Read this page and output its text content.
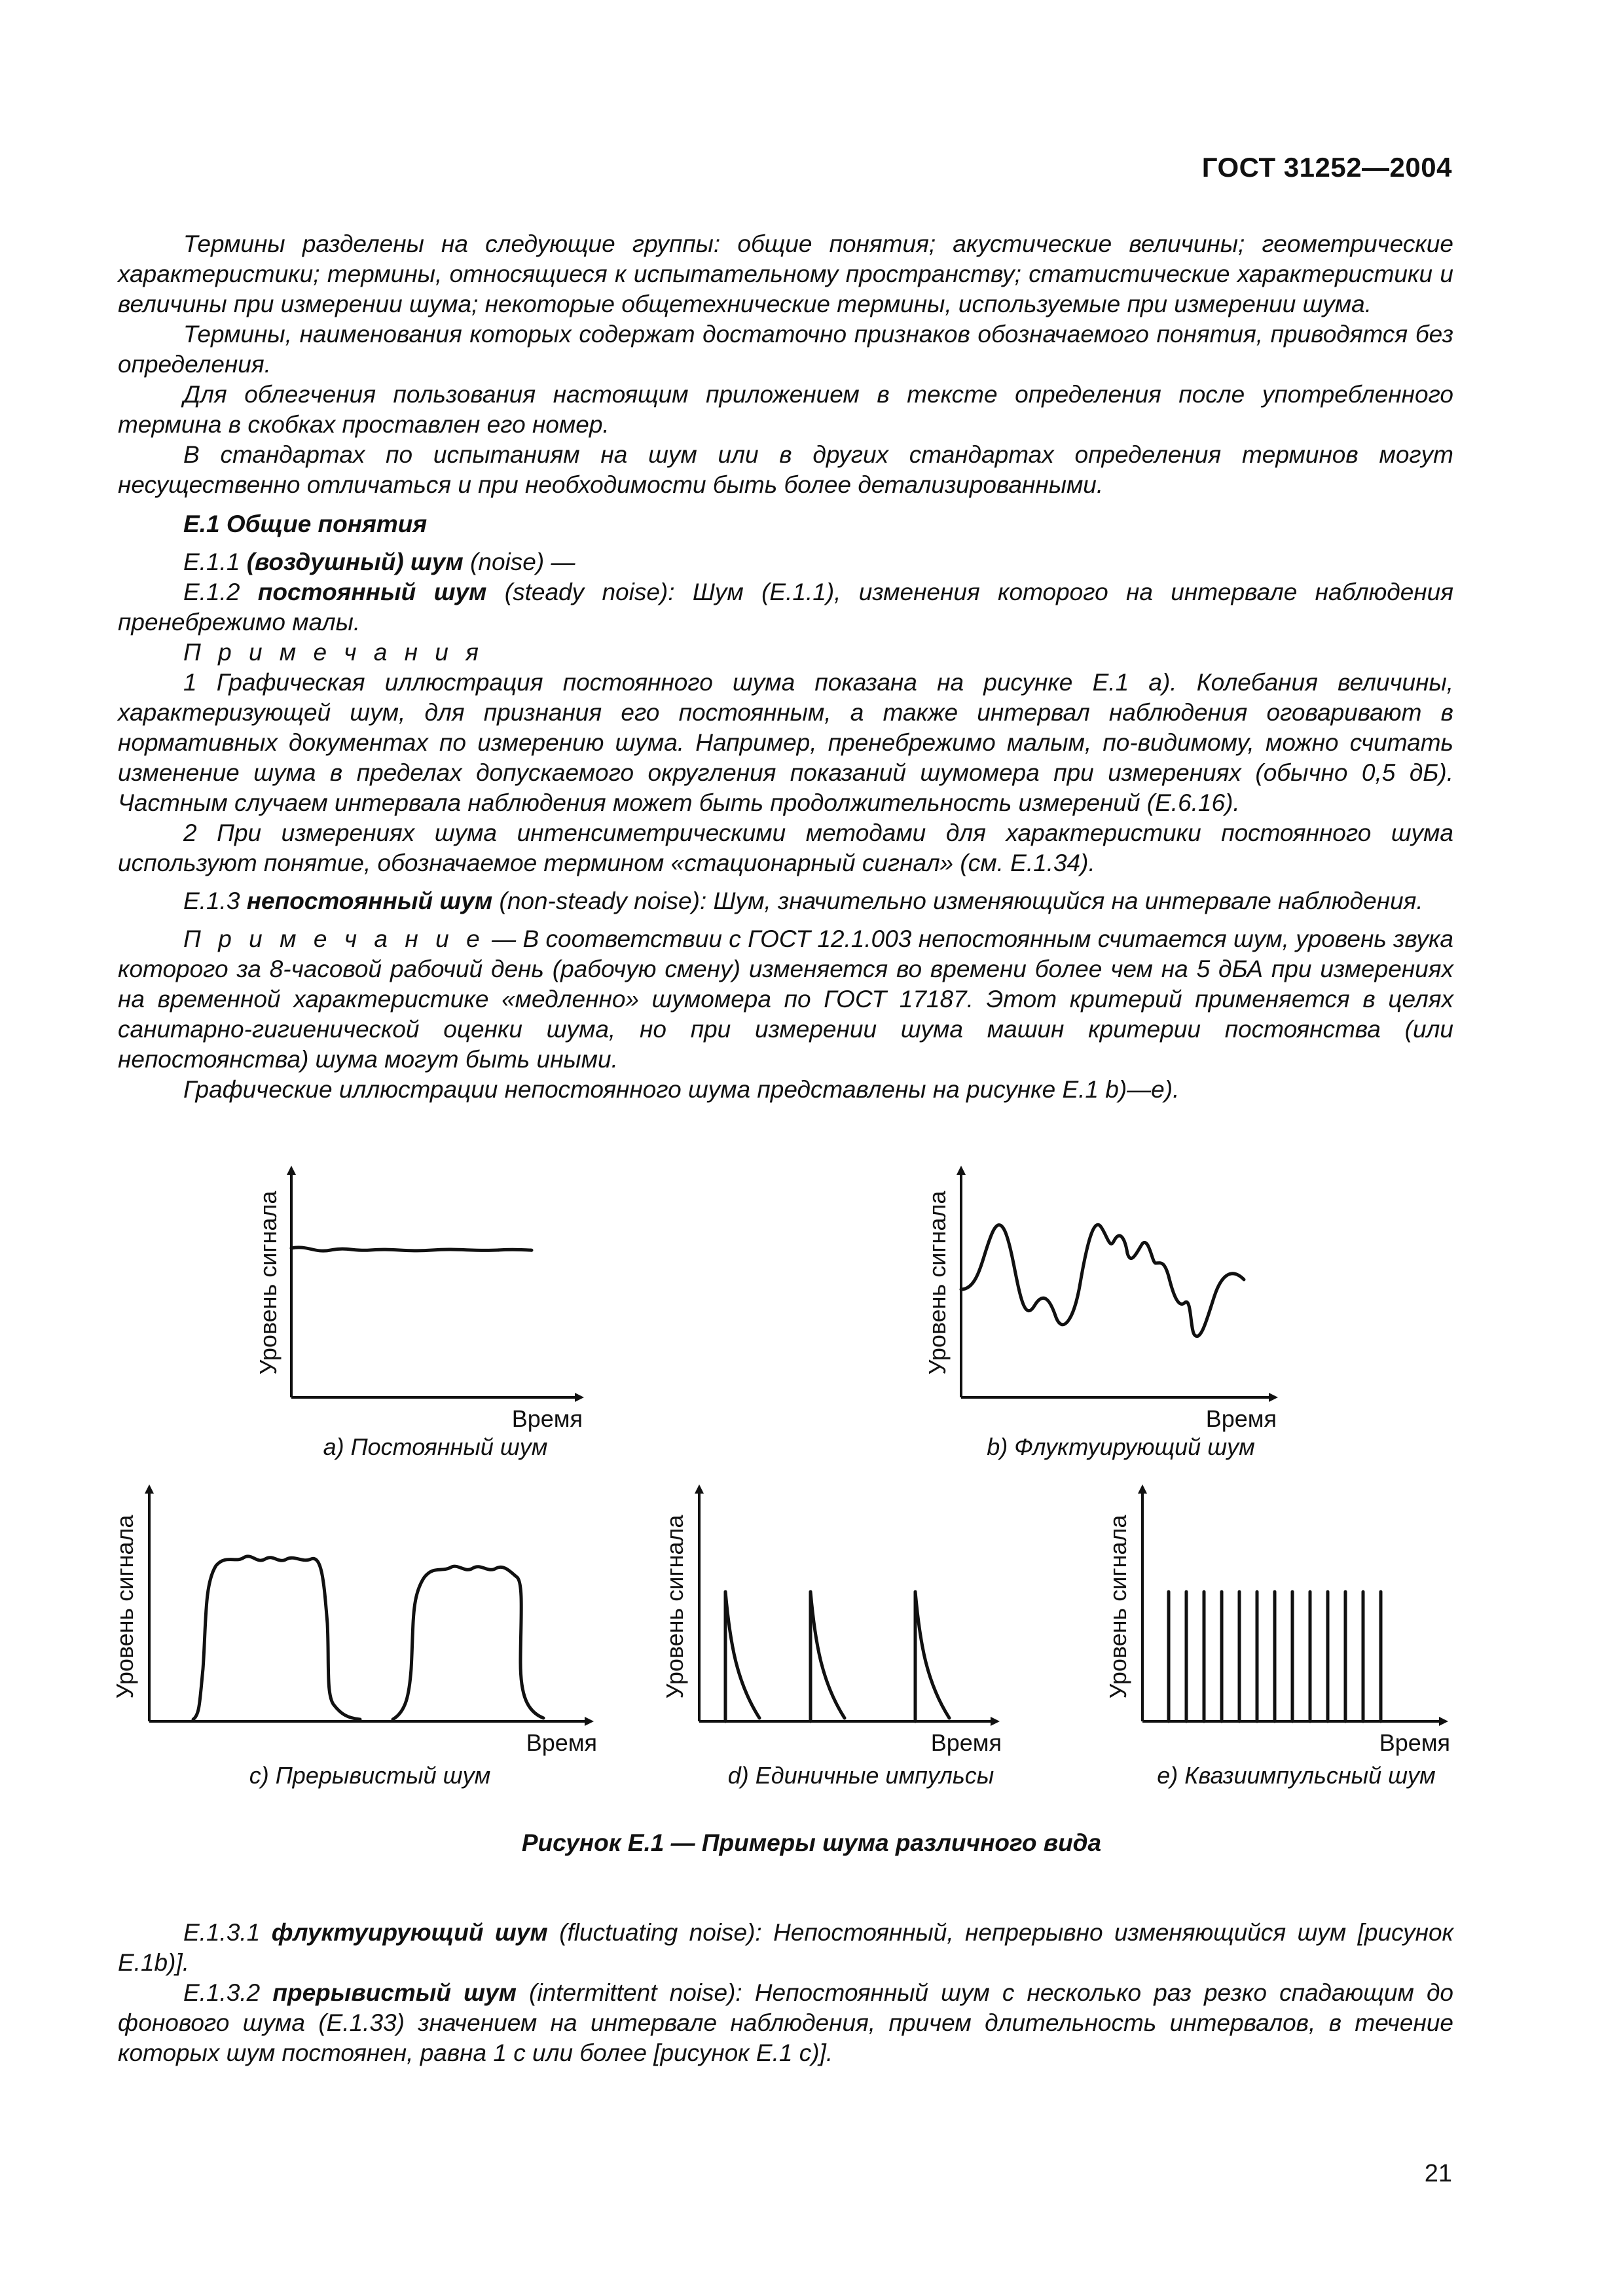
ГОСТ 31252—2004

Термины разделены на следующие группы: общие понятия; акустические величины; геометрические характеристики; термины, относящиеся к испытательному пространству; статистические характеристики и величины при измерении шума; некоторые общетехнические термины, используемые при измерении шума.

Термины, наименования которых содержат достаточно признаков обозначаемого понятия, приводятся без определения.

Для облегчения пользования настоящим приложением в тексте определения после употребленного термина в скобках проставлен его номер.

В стандартах по испытаниям на шум или в других стандартах определения терминов могут несущественно отличаться и при необходимости быть более детализированными.

Е.1 Общие понятия

Е.1.1 (воздушный) шум (noise) —

Е.1.2 постоянный шум (steady noise): Шум (Е.1.1), изменения которого на интервале наблюдения пренебрежимо малы.

П р и м е ч а н и я

1 Графическая иллюстрация постоянного шума показана на рисунке Е.1 a). Колебания величины, характеризующей шум, для признания его постоянным, а также интервал наблюдения оговаривают в нормативных документах по измерению шума. Например, пренебрежимо малым, по-видимому, можно считать изменение шума в пределах допускаемого округления показаний шумомера при измерениях (обычно 0,5 дБ). Частным случаем интервала наблюдения может быть продолжительность измерений (Е.6.16).

2 При измерениях шума интенсиметрическими методами для характеристики постоянного шума используют понятие, обозначаемое термином «стационарный сигнал» (см. Е.1.34).

Е.1.3 непостоянный шум (non-steady noise): Шум, значительно изменяющийся на интервале наблюдения.

П р и м е ч а н и е — В соответствии с ГОСТ 12.1.003 непостоянным считается шум, уровень звука которого за 8-часовой рабочий день (рабочую смену) изменяется во времени более чем на 5 дБА при измерениях на временной характеристике «медленно» шумомера по ГОСТ 17187. Этот критерий применяется в целях санитарно-гигиенической оценки шума, но при измерении шума машин критерии постоянства (или непостоянства) шума могут быть иными.

Графические иллюстрации непостоянного шума представлены на рисунке Е.1 b)—e).

Уровень сигнала
Время
а) Постоянный шум
Уровень сигнала
Время
b) Флуктуирующий шум
Уровень сигнала
Время
c) Прерывистый шум
Уровень сигнала
Время
d) Единичные импульсы
Уровень сигнала
Время
e) Квазиимпульсный шум
Рисунок Е.1 — Примеры шума различного вида

Е.1.3.1 флуктуирующий шум (fluctuating noise): Непостоянный, непрерывно изменяющийся шум [рисунок Е.1b)].

Е.1.3.2 прерывистый шум (intermittent noise): Непостоянный шум с несколько раз резко спадающим до фонового шума (Е.1.33) значением на интервале наблюдения, причем длительность интервалов, в течение которых шум постоянен, равна 1 с или более [рисунок Е.1 c)].

21
